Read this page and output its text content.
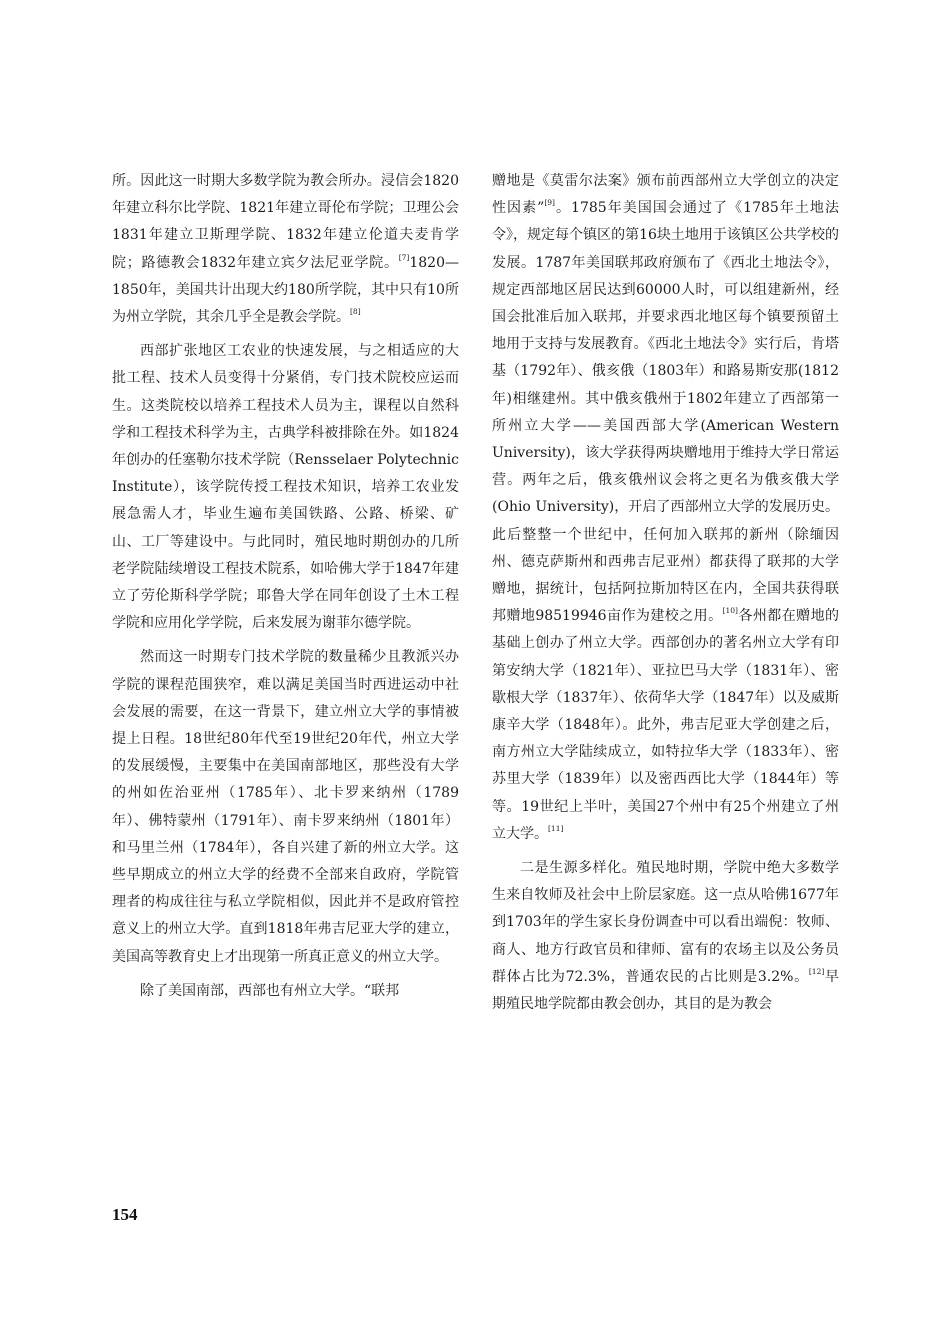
所。因此这一时期大多数学院为教会所办。浸信会1820年建立科尔比学院、1821年建立哥伦布学院；卫理公会1831年建立卫斯理学院、1832年建立伦道夫麦肯学院；路德教会1832年建立宾夕法尼亚学院。[7]1820—1850年，美国共计出现大约180所学院，其中只有10所为州立学院，其余几乎全是教会学院。[8]

西部扩张地区工农业的快速发展，与之相适应的大批工程、技术人员变得十分紧俏，专门技术院校应运而生。这类院校以培养工程技术人员为主，课程以自然科学和工程技术科学为主，古典学科被排除在外。如1824年创办的任塞勒尔技术学院（Rensselaer Polytechnic Institute），该学院传授工程技术知识，培养工农业发展急需人才，毕业生遍布美国铁路、公路、桥梁、矿山、工厂等建设中。与此同时，殖民地时期创办的几所老学院陆续增设工程技术院系，如哈佛大学于1847年建立了劳伦斯科学学院；耶鲁大学在同年创设了土木工程学院和应用化学学院，后来发展为谢菲尔德学院。

然而这一时期专门技术学院的数量稀少且教派兴办学院的课程范围狭窄，难以满足美国当时西进运动中社会发展的需要，在这一背景下，建立州立大学的事情被提上日程。18世纪80年代至19世纪20年代，州立大学的发展缓慢，主要集中在美国南部地区，那些没有大学的州如佐治亚州（1785年）、北卡罗来纳州（1789年）、佛特蒙州（1791年）、南卡罗来纳州（1801年）和马里兰州（1784年），各自兴建了新的州立大学。这些早期成立的州立大学的经费不全部来自政府，学院管理者的构成往往与私立学院相似，因此并不是政府管控意义上的州立大学。直到1818年弗吉尼亚大学的建立，美国高等教育史上才出现第一所真正意义的州立大学。

除了美国南部，西部也有州立大学。“联邦

赠地是《莫雷尔法案》颁布前西部州立大学创立的决定性因素”[9]。1785年美国国会通过了《1785年土地法令》，规定每个镇区的第16块土地用于该镇区公共学校的发展。1787年美国联邦政府颁布了《西北土地法令》，规定西部地区居民达到60000人时，可以组建新州，经国会批准后加入联邦，并要求西北地区每个镇要预留土地用于支持与发展教育。《西北土地法令》实行后，肯塔基（1792年）、俄亥俄（1803年）和路易斯安那(1812年)相继建州。其中俄亥俄州于1802年建立了西部第一所州立大学——美国西部大学(American Western University)，该大学获得两块赠地用于维持大学日常运营。两年之后，俄亥俄州议会将之更名为俄亥俄大学(Ohio University)，开启了西部州立大学的发展历史。此后整整一个世纪中，任何加入联邦的新州（除缅因州、德克萨斯州和西弗吉尼亚州）都获得了联邦的大学赠地，据统计，包括阿拉斯加特区在内，全国共获得联邦赠地98519946亩作为建校之用。[10]各州都在赠地的基础上创办了州立大学。西部创办的著名州立大学有印第安纳大学（1821年）、亚拉巴马大学（1831年）、密歇根大学（1837年）、依荷华大学（1847年）以及威斯康辛大学（1848年）。此外，弗吉尼亚大学创建之后，南方州立大学陆续成立，如特拉华大学（1833年）、密苏里大学（1839年）以及密西西比大学（1844年）等等。19世纪上半叶，美国27个州中有25个州建立了州立大学。[11]

二是生源多样化。殖民地时期，学院中绝大多数学生来自牧师及社会中上阶层家庭。这一点从哈佛1677年到1703年的学生家长身份调查中可以看出端倪：牧师、商人、地方行政官员和律师、富有的农场主以及公务员群体占比为72.3%，普通农民的占比则是3.2%。[12]早期殖民地学院都由教会创办，其目的是为教会

154
